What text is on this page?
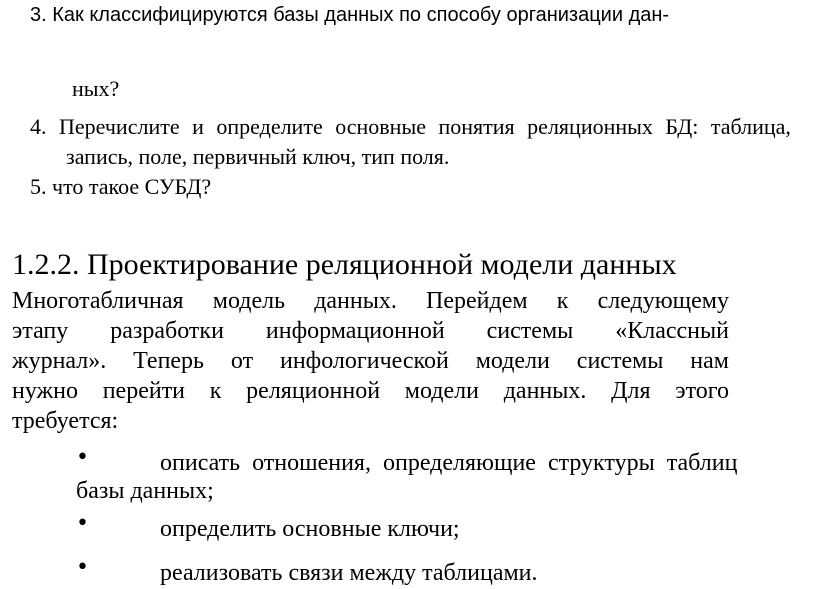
3. Как классифицируются базы данных по способу организации дан-
ных?
4. Перечислите и определите основные понятия реляционных БД: таблица,
запись, поле, первичный ключ, тип поля.
5. что такое СУБД?
1.2.2. Проектирование реляционной модели данных
Многотабличная модель данных. Перейдем к следующему
этапу разработки информационной системы «Классный
журнал». Теперь от инфологической модели системы нам
нужно перейти к реляционной модели данных. Для этого
требуется:
•	описать отношения, определяющие структуры таблиц
базы данных;
•	определить основные ключи;
•	реализовать связи между таблицами.
